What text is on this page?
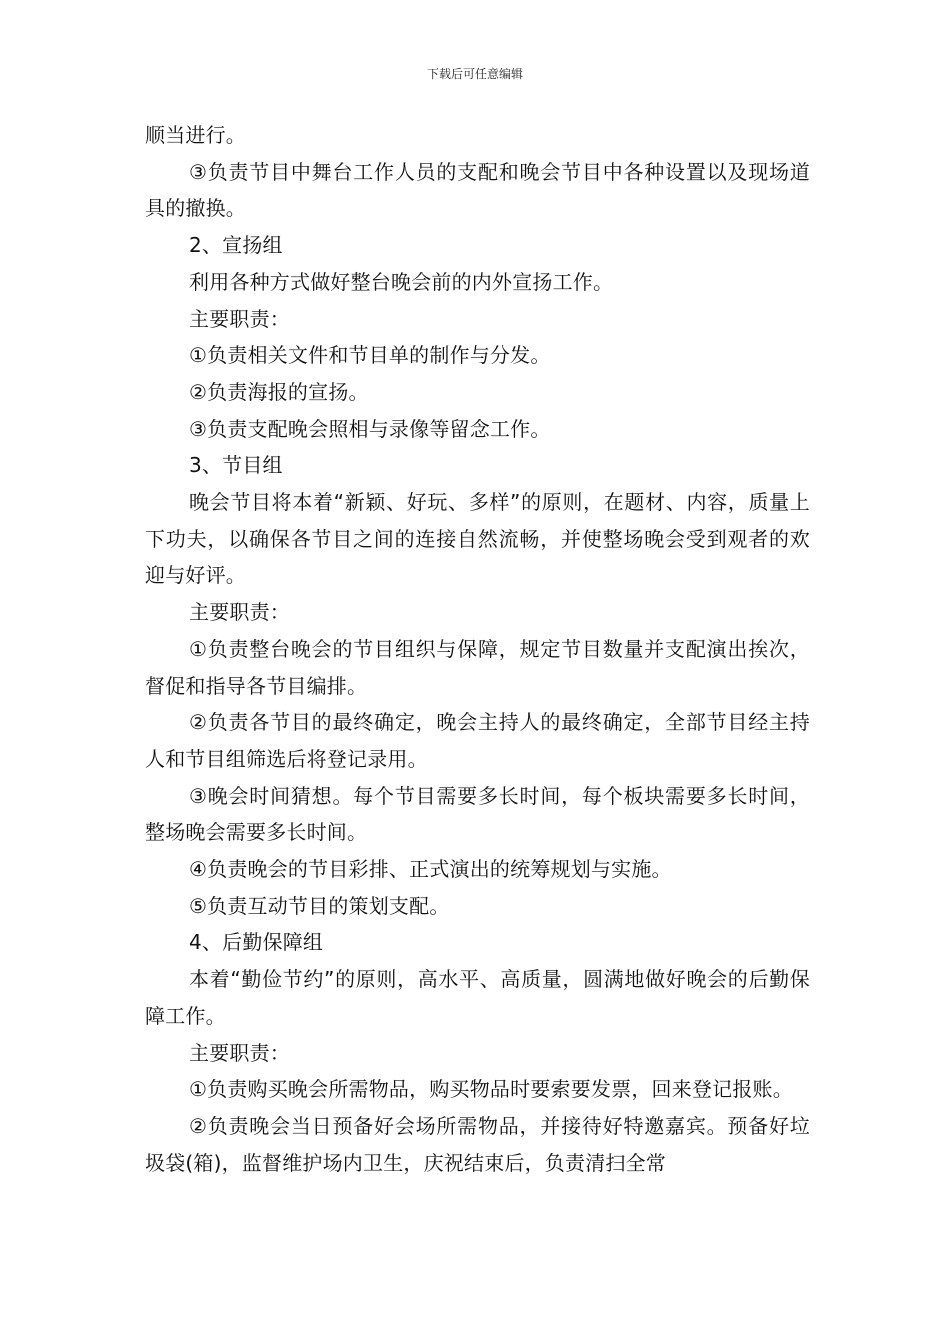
下载后可任意编辑

顺当进行。

③负责节目中舞台工作人员的支配和晚会节目中各种设置以及现场道具的撤换。

2、宣扬组

利用各种方式做好整台晚会前的内外宣扬工作。

主要职责：

①负责相关文件和节目单的制作与分发。

②负责海报的宣扬。

③负责支配晚会照相与录像等留念工作。

3、节目组

晚会节目将本着“新颖、好玩、多样”的原则，在题材、内容，质量上下功夫，以确保各节目之间的连接自然流畅，并使整场晚会受到观者的欢迎与好评。

主要职责：

①负责整台晚会的节目组织与保障，规定节目数量并支配演出挨次，督促和指导各节目编排。

②负责各节目的最终确定，晚会主持人的最终确定，全部节目经主持人和节目组筛选后将登记录用。

③晚会时间猜想。每个节目需要多长时间，每个板块需要多长时间，整场晚会需要多长时间。

④负责晚会的节目彩排、正式演出的统筹规划与实施。

⑤负责互动节目的策划支配。

4、后勤保障组

本着“勤俭节约”的原则，高水平、高质量，圆满地做好晚会的后勤保障工作。

主要职责：

①负责购买晚会所需物品，购买物品时要索要发票，回来登记报账。

②负责晚会当日预备好会场所需物品，并接待好特邀嘉宾。预备好垃圾袋(箱)，监督维护场内卫生，庆祝结束后，负责清扫全常
